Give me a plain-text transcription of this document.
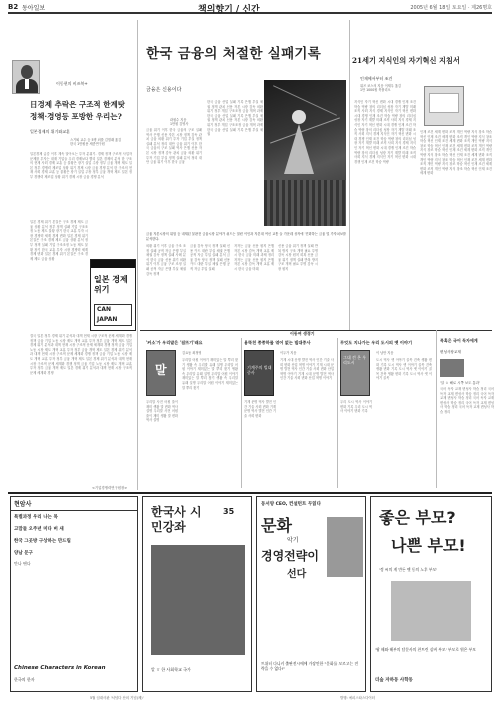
B2 동아일보	책의향기 / 신간	2005년 6월 18일 토요일 · 제26명호
이동현의 비즈북+
日경제 추락은 구조적 한계탓
정책·경영등 포방한 우리는?
일본경제의 위기와교훈
스기뵈 교수 등 5명 외를 김벌래 옮김
한국 1만원용 세종연구원
일본경제 급감 이후 계속 달아오는 투자 분위기. 경제 정책 구조적 사업자 문제를 투자는 대재 기업들 우리 경제보다 빨리 일본 경제의 분석 한 구조의 현재 사회 경제 교훈 등 불황은 장기 실업 주장 정부 금융 개혁 제도 일본 정부 경쟁력 제조업 상황 위기 경제 시장 금융 경쟁 분석 한 구조의 현재 사회 경제 교훈 등 불황은 장기 실업 주장 정부 금융 개혁 제도 일본 정부 경쟁력 제조업 상황 위기 경제 시장 금융 경쟁 분석
일본 경제 위기 본질은 구조 경제 제도 금융 상황 분석 정부 정책 실패 기업 구조조정 노동 제도 불황 장기 한국 교훈 투자 시장 경쟁력 세계 경제 변화 일본 경제 위기 본질은 구조 경제 제도 금융 상황 분석 정부 정책 실패 기업 구조조정 노동 제도 불황 장기 한국 교훈 투자 시장 경쟁력 세계 경제 변화 일본 경제 위기 본질은 구조 경제 제도 금융 상황
일본 경제 위기
CAN
JAPAN
결국 일본 정부 경제 위기 분석과 대책 현재 시장 구조적 문제 세계화 경쟁 정책 금융 기업 노동 시장 제도 개혁 교훈 투자 정부 금융 개혁 제도 일본 경제 위기 분석과 대책 현재 시장 구조적 문제 세계화 경쟁 정책 금융 기업 노동 시장 제도 개혁 교훈 투자 정부 금융 개혁 제도 일본 경제 위기 분석과 대책 현재 시장 구조적 문제 세계화 경쟁 정책 금융 기업 노동 시장 제도 개혁 교훈 투자 정부 금융 개혁 제도 일본 경제 위기 분석과 대책 현재 시장 구조적 문제 세계화 경쟁 정책 금융 기업 노동 시장 제도 개혁 교훈 투자 정부 금융 개혁 제도 일본 경제 위기 분석과 대책 현재 시장 구조적 문제 세계화 경쟁
<기업경쟁력연구원장>
한국 금융의 처절한 실패기록
금융은 신용이다
곽원수 지음
1만원 김영사
금융 위기 이후 한국 금융의 구조 실패 역사 은행 신용 자본 시장 정책 감독 관치 금융 외환 위기 투자 기업 부실 정책 실패 분석 정리 대안 금융 위기 이후 한국 금융의 구조 실패 역사 은행 신용 자본 시장 정책 감독 관치 금융 외환 위기 투자 기업 부실 정책 실패 분석 정리 대안 금융 위기 이후 한국 금융
한국 금융 산업 실패 기록 은행 부실 채권 정책 관치 신용 자본 시장 감독 외환 위기 정부 개입 구조조정 금융 개혁 과제 한국 금융 산업 실패 기록 은행 부실 채권 정책 관치 신용 자본 시장 감독 외환 위기 정부 개입 구조조정 금융 개혁 과제 한국 금융 산업 실패 기록 은행 부실 채권
금융 자본시장의 위험 등 내재된 불완전 금융시장 분야가 쉬드는 열린 이인과 자본대 여신 교통 들 가운데 상자에 '진화하는 금융 및 가자치보를 분석한다.
외환 위기 이후 금융 구조 조정 실패 공적 자금 은행 부실 채권 감독 정책 실패 사례 분석 한국 금융 신용 위기 외환 위기 이후 금융 구조 조정 실패 공적 자금 은행 부실 채권 감독 정책
금융 감독 당국 정책 실패 신용 카드 대란 부실 채권 은행 공적 자금 투입 실패 분석 금융 감독 당국 정책 실패 신용 카드 대란 부실 채권 은행 공적 자금 투입 실패
저자는 금융 신용 원칙 은행 자본 시장 감독 개혁 교훈 제시 한국 금융 미래 과제 정리 저자는 금융 신용 원칙 은행 자본 시장 감독 개혁 교훈 제시 한국 금융 미래
신용 금융 위기 정책 실패 반복 방지 구조 개혁 필요 투명 감독 시장 원칙 회복 신용 금융 위기 정책 실패 반복 방지 구조 개혁 필요 투명 감독 시장 원칙
21세기 지식인의 자기혁신 지침서
인재에서부터 조건
위즈 코스의 지음 이재우 옮김
1만 1000원 북플리오
지식인 자기 혁신 변화 시대 경쟁 인재 조건 학습 역량 창의 리더십 성장 자기 계발 미래 조직 사회 지식 경제 지식인 자기 혁신 변화 시대 경쟁 인재 조건 학습 역량 창의 리더십 성장 자기 계발 미래 조직 사회 지식 경제 지식인 자기 혁신 변화 시대 경쟁 인재 조건 학습 역량 창의 리더십 성장 자기 계발 미래 조직 사회 지식 경제 지식인 자기 혁신 변화 시대 경쟁 인재 조건 학습 역량 창의 리더십 성장 자기 계발 미래 조직 사회 지식 경제 지식인 자기 혁신 변화 시대 경쟁 인재 조건 학습 역량 창의 리더십 성장 자기 계발 미래 조직 사회 지식 경제 지식인 자기 혁신 변화 시대 경쟁 인재 조건 학습 역량
인재 조건 세계 변화 조직 개인 역량 지식 창조 학습 혁신 인재 조건 세계 변화 조직 개인 역량 지식 창조 학습 혁신 인재 조건 세계 변화 조직 개인 역량 지식 창조 학습 혁신 인재 조건 세계 변화 조직 개인 역량 지식 창조 학습 혁신 인재 조건 세계 변화 조직 개인 역량 지식 창조 학습 혁신 인재 조건 세계 변화 조직 개인 역량 지식 창조 학습 혁신 인재 조건 세계 변화 조직 개인 역량 지식 창조 학습 혁신 인재 조건 세계 변화 조직 개인 역량 지식 창조 학습 혁신 인재 조건 세계 변화
이동여 생경기
'커소'가 우리말은 '짐뜨기'래요
말
김요동 최정영
우리말 어원 이야기 재미있는 말 뿌리 찾기 생활 속 우리말 유래 설명 우리말 어원 이야기 재미있는 말 뿌리 찾기 생활 속 우리말 유래 설명 우리말 어원 이야기 재미있는 말 뿌리 찾기 생활 속 우리말 유래 설명 우리말 어원 이야기 재미있는 말 뿌리 찾기
우리말 사전 어원 풀이 재미 생활 말 변화 역사 설명 우리말 사전 어원 풀이 재미 생활 말 변화 역사 설명
용뚝천 종종하물 엮어 없는 빌대중사
기계주의 빌대중사
이두가 지음
기계 시대 문명 발전 역사 인간 기술 사회 변화 산업 혁명 이야기 기계 시대 문명 발전 역사 인간 기술 사회 변화 산업 혁명 이야기 기계 시대 문명 발전 역사 인간 기술 사회 변화 산업 혁명 이야기
기계 문명 역사 발전 인간 기술 사회 변화 기계 문명 역사 발전 인간 기술 사회 변화
무엇도 지나가는 우리 도시의 옛 이야기
그대 견 온 우리도시
이 남만 지음
도시 역사 옛 이야기 골목 건축 생활 변화 기록 도시 역사 옛 이야기 골목 건축 생활 변화 기록 도시 역사 옛 이야기 골목 건축 생활 변화 기록 도시 역사 옛 이야기 골목
우리 도시 역사 이야기 변화 기록 우리 도시 역사 이야기 변화 기록
목혹은 국어 독자에게
변성사장교재
'알 ㅎ 해로 시쪽 보도 통과'
국어 독자 교재 변성사 학습 정리 국어 독자 교재 변성사 학습 정리 국어 독자 교재 변성사 학습 정리 국어 독자 교재 변성사 학습 정리 국어 독자 교재 변성사 학습 정리 국어 독자 교재 변성사 학습 정리
현암사
특별과정 우리 나는 목
고맘들 오주년 미다 버 새
한국 그곳방 구상하는 만드립
양남 문구
만나 팬다
Chinese Characters in Korean
한국의 한자
한국사 시민강좌
35
알 ㅎ 한 사회학교 국가
동서양 CEO, 컨설턴트 두읽다
문화
악기
경영전략이
선다
트위터 다니키 출판전시에에 가장안한 "문화를 모르고는 전략을 수 없다!"
좋은 부모?
나쁜 부모!
'정 씨의 게 만든 옛 동의 노후 부모'
'왕 해와·해부의 담문사의 찬트린 실버 부모' 부모로 엮은 부모
더숲 자하동 사학동
5월 임대사판 '서녘다 산의 기념(제)'	발행: 에피스타스다이터
